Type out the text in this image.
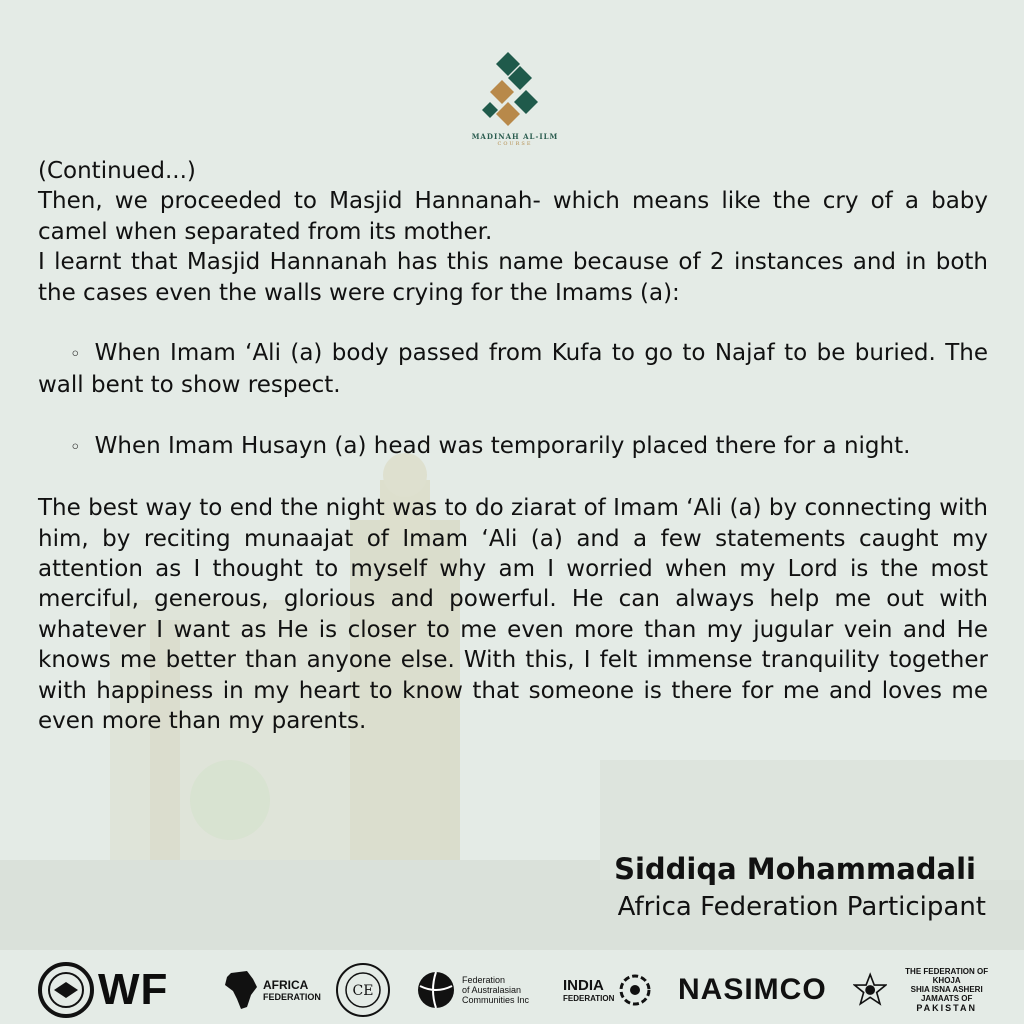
MADINAH AL-ILM
COURSE

(Continued...)

Then, we proceeded to Masjid Hannanah- which means like the cry of a baby camel when separated from its mother.

I learnt that Masjid Hannanah has this name because of 2 instances and in both the cases even the walls were crying for the Imams (a):

◦ When Imam ‘Ali (a) body passed from Kufa to go to Najaf to be buried. The wall bent to show respect.

◦ When Imam Husayn (a) head was temporarily placed there for a night.

The best way to end the night was to do ziarat of Imam ‘Ali (a) by connecting with him, by reciting munaajat of Imam ‘Ali (a) and a few statements caught my attention as I thought to myself why am I worried when my Lord is the most merciful, generous, glorious and powerful. He can always help me out with whatever I want as He is closer to me even more than my jugular vein and He knows me better than anyone else. With this, I felt immense tranquility together with happiness in my heart to know that someone is there for me and loves me even more than my parents.

Siddiqa Mohammadali

Africa Federation Participant
WF	AFRICA
FEDERATION CE
Federation
of Australasian
Communities Inc
INDIA
FEDERATION NASIMCO
THE FEDERATION OF KHOJA
SHIA ISNA ASHERI JAMAATS OF
PAKISTAN
